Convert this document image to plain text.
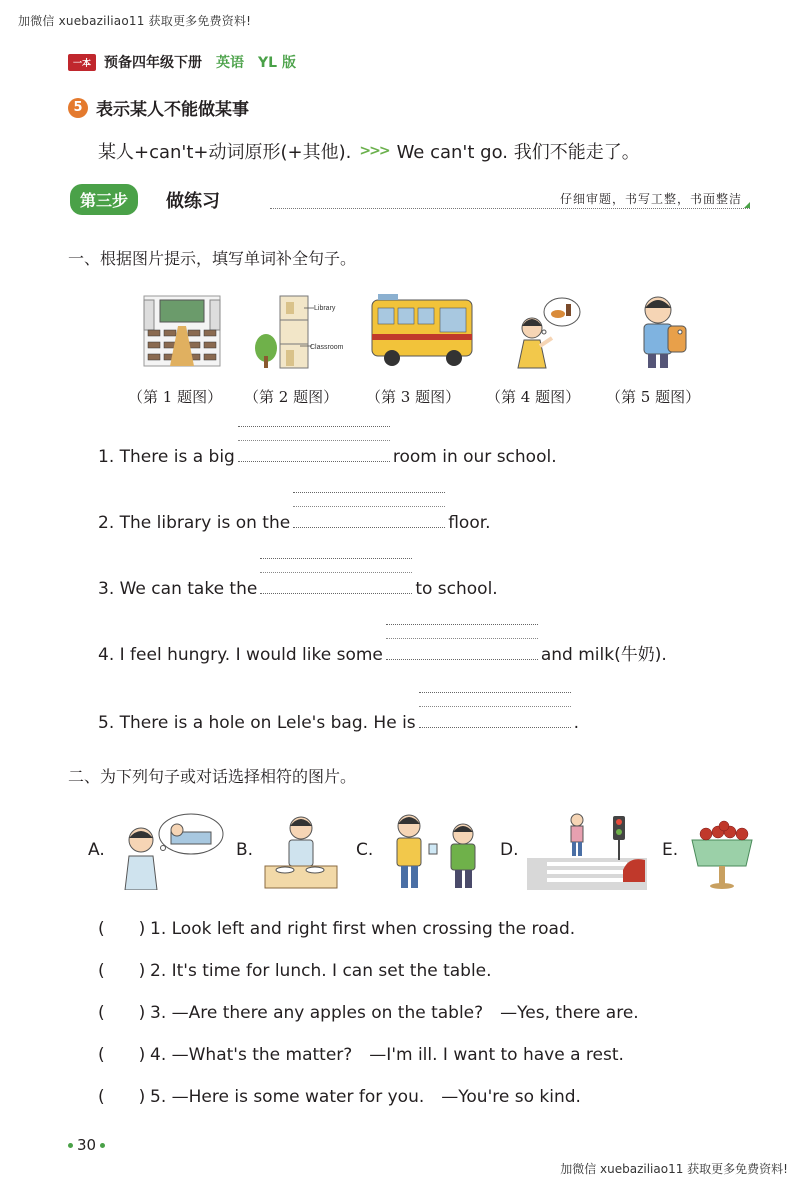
加微信 xuebaziliao11 获取更多免费资料!
加微信 xuebaziliao11 获取更多免费资料!
一本 预备四年级下册 英语 YL 版
5 表示某人不能做某事
某人+can't+动词原形(+其他). >>> We can't go. 我们不能走了。
第三步	做练习	仔细审题，书写工整，书面整洁
一、根据图片提示，填写单词补全句子。
Library
Classroom
（第 1 题图） （第 2 题图） （第 3 题图） （第 4 题图） （第 5 题图）
1. There is a big	room in our school.
2. The library is on the	floor.
3. We can take the	to school.
4. I feel hungry. I would like some	and milk(牛奶).
5. There is a hole on Lele's bag. He is	.
二、为下列句子或对话选择相符的图片。
A.	B.	C.	D.	E.
(　　) 1. Look left and right first when crossing the road.
(　　) 2. It's time for lunch. I can set the table.
(　　) 3. —Are there any apples on the table?　—Yes, there are.
(　　) 4. —What's the matter?　—I'm ill. I want to have a rest.
(　　) 5. —Here is some water for you.　—You're so kind.
30
